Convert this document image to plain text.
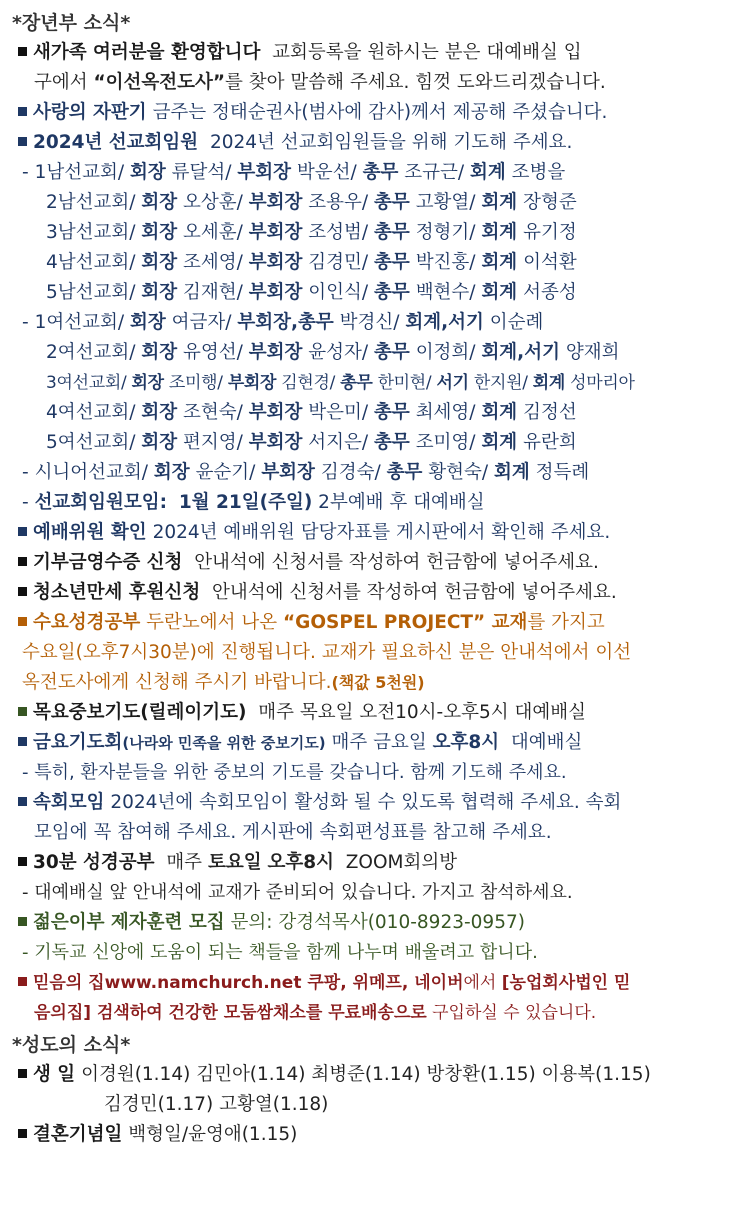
*장년부 소식*
새가족 여러분을 환영합니다 교회등록을 원하시는 분은 대예배실 입
구에서 “이선옥전도사”를 찾아 말씀해 주세요. 힘껏 도와드리겠습니다.
사랑의 자판기 금주는 정태순권사(범사에 감사)께서 제공해 주셨습니다.
2024년 선교회임원 2024년 선교회임원들을 위해 기도해 주세요.
- 1남선교회/ 회장 류달석/ 부회장 박운선/ 총무 조규근/ 회계 조병을
2남선교회/ 회장 오상훈/ 부회장 조용우/ 총무 고황열/ 회계 장형준
3남선교회/ 회장 오세훈/ 부회장 조성범/ 총무 정형기/ 회계 유기정
4남선교회/ 회장 조세영/ 부회장 김경민/ 총무 박진홍/ 회계 이석환
5남선교회/ 회장 김재현/ 부회장 이인식/ 총무 백현수/ 회계 서종성
- 1여선교회/ 회장 여금자/ 부회장,총무 박경신/ 회계,서기 이순례
2여선교회/ 회장 유영선/ 부회장 윤성자/ 총무 이정희/ 회계,서기 양재희
3여선교회/ 회장 조미행/ 부회장 김현경/ 총무 한미현/ 서기 한지원/ 회계 성마리아
4여선교회/ 회장 조현숙/ 부회장 박은미/ 총무 최세영/ 회계 김정선
5여선교회/ 회장 편지영/ 부회장 서지은/ 총무 조미영/ 회계 유란희
- 시니어선교회/ 회장 윤순기/ 부회장 김경숙/ 총무 황현숙/ 회계 정득례
- 선교회임원모임: 1월 21일(주일) 2부예배 후 대예배실
예배위원 확인 2024년 예배위원 담당자표를 게시판에서 확인해 주세요.
기부금영수증 신청 안내석에 신청서를 작성하여 헌금함에 넣어주세요.
청소년만세 후원신청 안내석에 신청서를 작성하여 헌금함에 넣어주세요.
수요성경공부 두란노에서 나온 “GOSPEL PROJECT” 교재를 가지고
수요일(오후7시30분)에 진행됩니다. 교재가 필요하신 분은 안내석에서 이선
옥전도사에게 신청해 주시기 바랍니다.(책값 5천원)
목요중보기도(릴레이기도) 매주 목요일 오전10시-오후5시 대예배실
금요기도회(나라와 민족을 위한 중보기도) 매주 금요일 오후8시 대예배실
- 특히, 환자분들을 위한 중보의 기도를 갖습니다. 함께 기도해 주세요.
속회모임 2024년에 속회모임이 활성화 될 수 있도록 협력해 주세요. 속회
모임에 꼭 참여해 주세요. 게시판에 속회편성표를 참고해 주세요.
30분 성경공부 매주 토요일 오후8시 ZOOM회의방
- 대예배실 앞 안내석에 교재가 준비되어 있습니다. 가지고 참석하세요.
젊은이부 제자훈련 모집 문의: 강경석목사(010-8923-0957)
- 기독교 신앙에 도움이 되는 책들을 함께 나누며 배울려고 합니다.
믿음의 집www.namchurch.net 쿠팡, 위메프, 네이버에서 [농업회사법인 믿
음의집] 검색하여 건강한 모둠쌈채소를 무료배송으로 구입하실 수 있습니다.
*성도의 소식*
생 일 이경원(1.14) 김민아(1.14) 최병준(1.14) 방창환(1.15) 이용복(1.15)
김경민(1.17) 고황열(1.18)
결혼기념일 백형일/윤영애(1.15)
